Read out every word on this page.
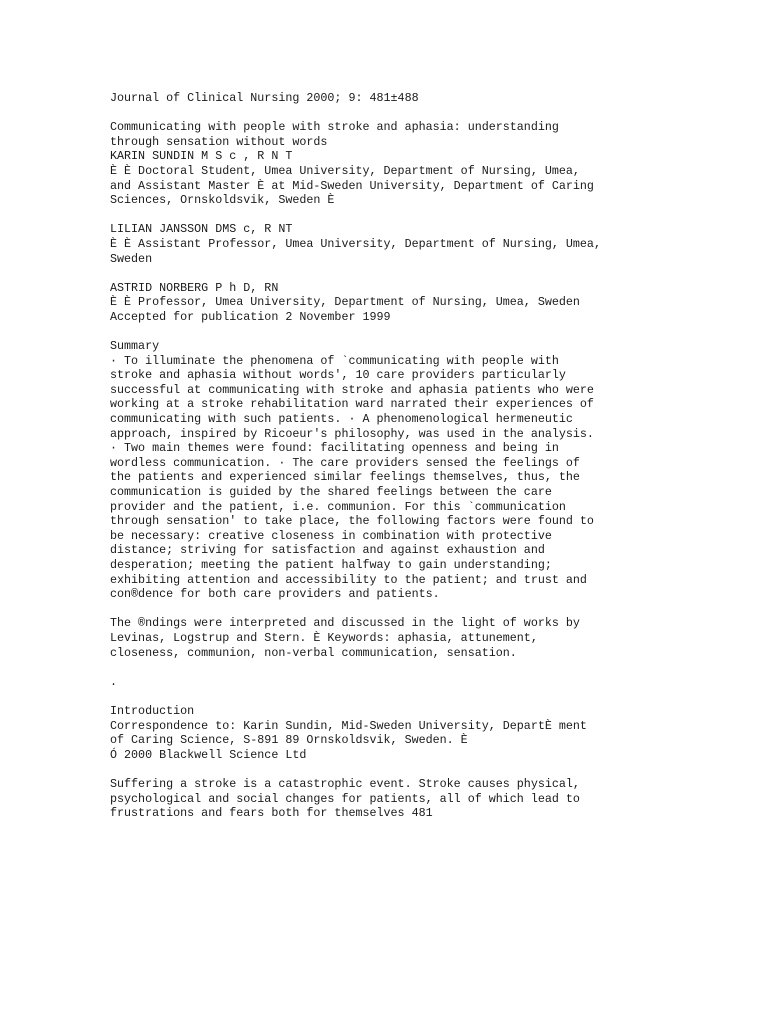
Journal of Clinical Nursing 2000; 9: 481±488
Communicating with people with stroke and aphasia: understanding
through sensation without words
KARIN SUNDIN M S c , R N T
È È Doctoral Student, Umea University, Department of Nursing, Umea,
and Assistant Master È at Mid-Sweden University, Department of Caring
Sciences, Ornskoldsvik, Sweden È
LILIAN JANSSON DMS c, R NT
È È Assistant Professor, Umea University, Department of Nursing, Umea,
Sweden
ASTRID NORBERG P h D, RN
È È Professor, Umea University, Department of Nursing, Umea, Sweden
Accepted for publication 2 November 1999
Summary
· To illuminate the phenomena of `communicating with people with
stroke and aphasia without words', 10 care providers particularly
successful at communicating with stroke and aphasia patients who were
working at a stroke rehabilitation ward narrated their experiences of
communicating with such patients. · A phenomenological hermeneutic
approach, inspired by Ricoeur's philosophy, was used in the analysis.
· Two main themes were found: facilitating openness and being in
wordless communication. · The care providers sensed the feelings of
the patients and experienced similar feelings themselves, thus, the
communication is guided by the shared feelings between the care
provider and the patient, i.e. communion. For this `communication
through sensation' to take place, the following factors were found to
be necessary: creative closeness in combination with protective
distance; striving for satisfaction and against exhaustion and
desperation; meeting the patient halfway to gain understanding;
exhibiting attention and accessibility to the patient; and trust and
con®dence for both care providers and patients.
The ®ndings were interpreted and discussed in the light of works by
Levinas, Logstrup and Stern. È Keywords: aphasia, attunement,
closeness, communion, non-verbal communication, sensation.
.
Introduction
Correspondence to: Karin Sundin, Mid-Sweden University, DepartÈ ment
of Caring Science, S-891 89 Ornskoldsvik, Sweden. È
Ó 2000 Blackwell Science Ltd
Suffering a stroke is a catastrophic event. Stroke causes physical,
psychological and social changes for patients, all of which lead to
frustrations and fears both for themselves 481
